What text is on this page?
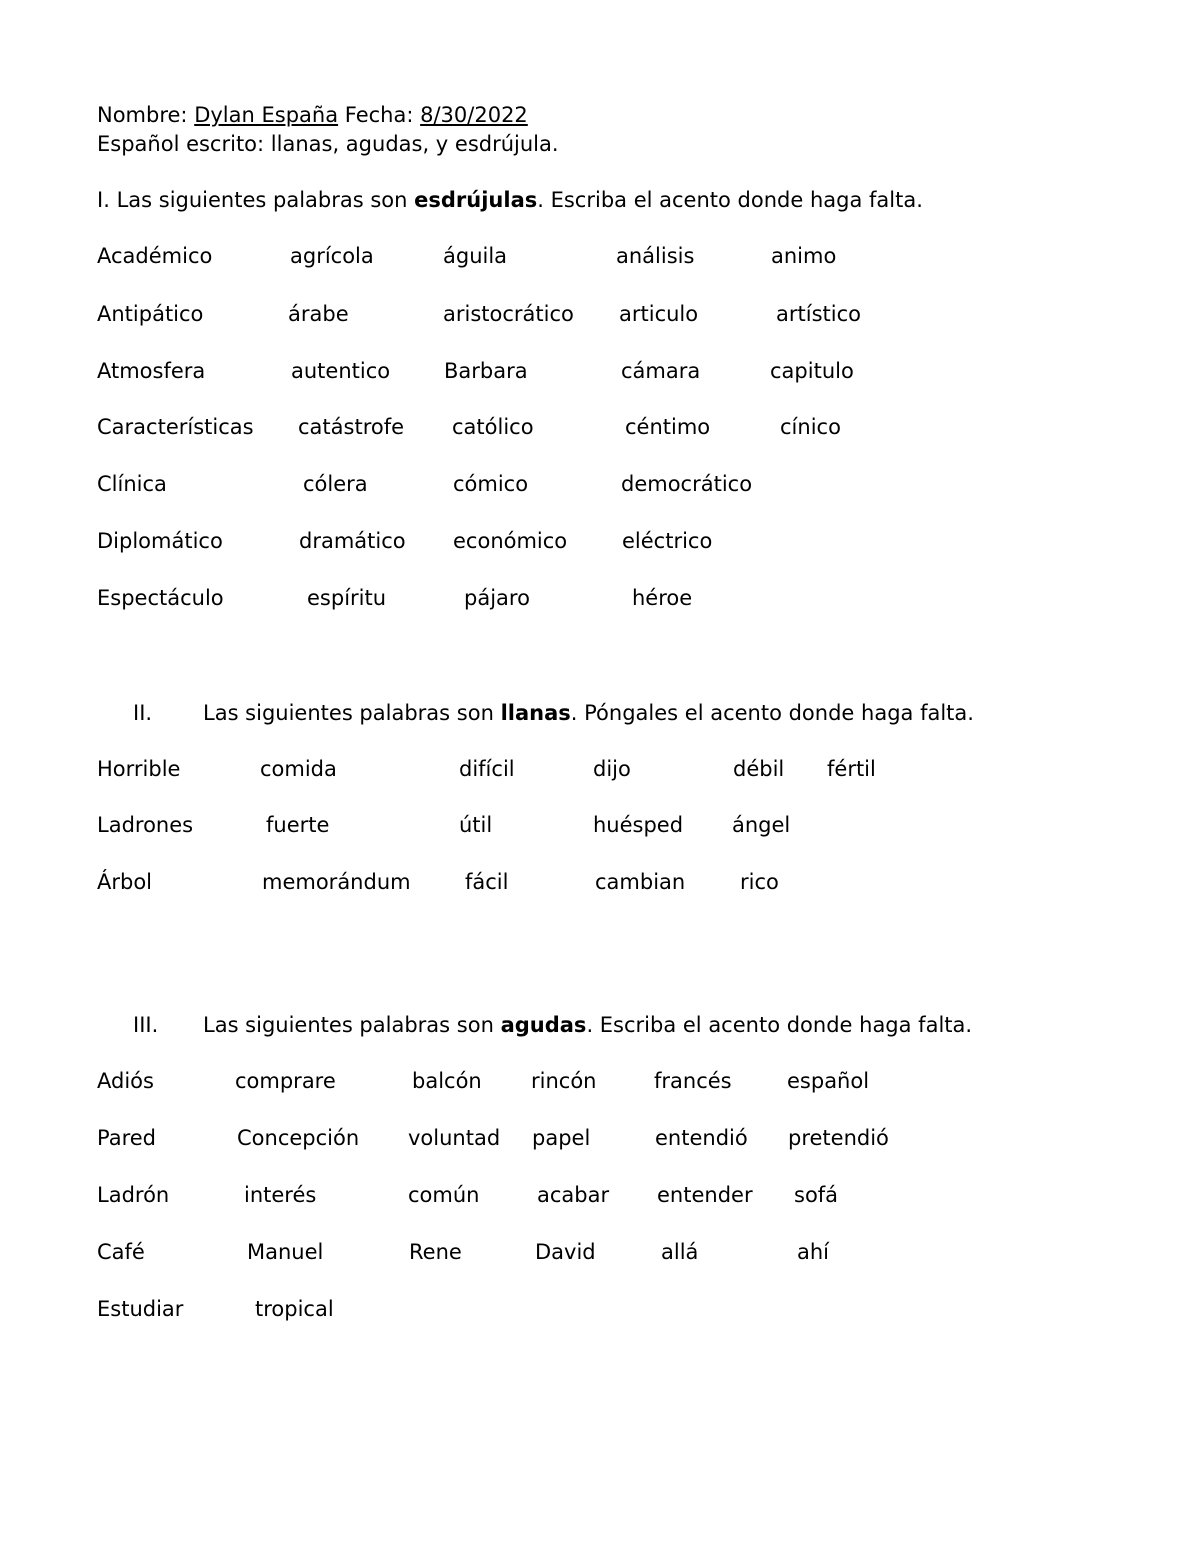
Nombre: Dylan España Fecha: 8/30/2022
Español escrito: llanas, agudas, y esdrújula.
I. Las siguientes palabras son esdrújulas. Escriba el acento donde haga falta.
II. Las siguientes palabras son llanas. Póngales el acento donde haga falta.
III. Las siguientes palabras son agudas. Escriba el acento donde haga falta.
Académico	agrícola	águila	análisis	animo
Antipático	árabe	aristocrático articulo	artístico
Atmosfera	autentico	Barbara	cámara	capitulo
Características catástrofe católico	céntimo	cínico
Clínica	cólera	cómico	democrático
Diplomático	dramático económico	eléctrico
Espectáculo	espíritu	pájaro	héroe
Horrible	comida	difícil	dijo	débil fértil
Ladrones	fuerte	útil	huésped ángel
Árbol	memorándum	fácil	cambian	rico
Adiós	comprare	balcón rincón	francés	español
Pared	Concepción voluntad papel	entendió pretendió
Ladrón	interés	común	acabar entender sofá
Café	Manuel	Rene	David	allá	ahí
Estudiar	tropical
